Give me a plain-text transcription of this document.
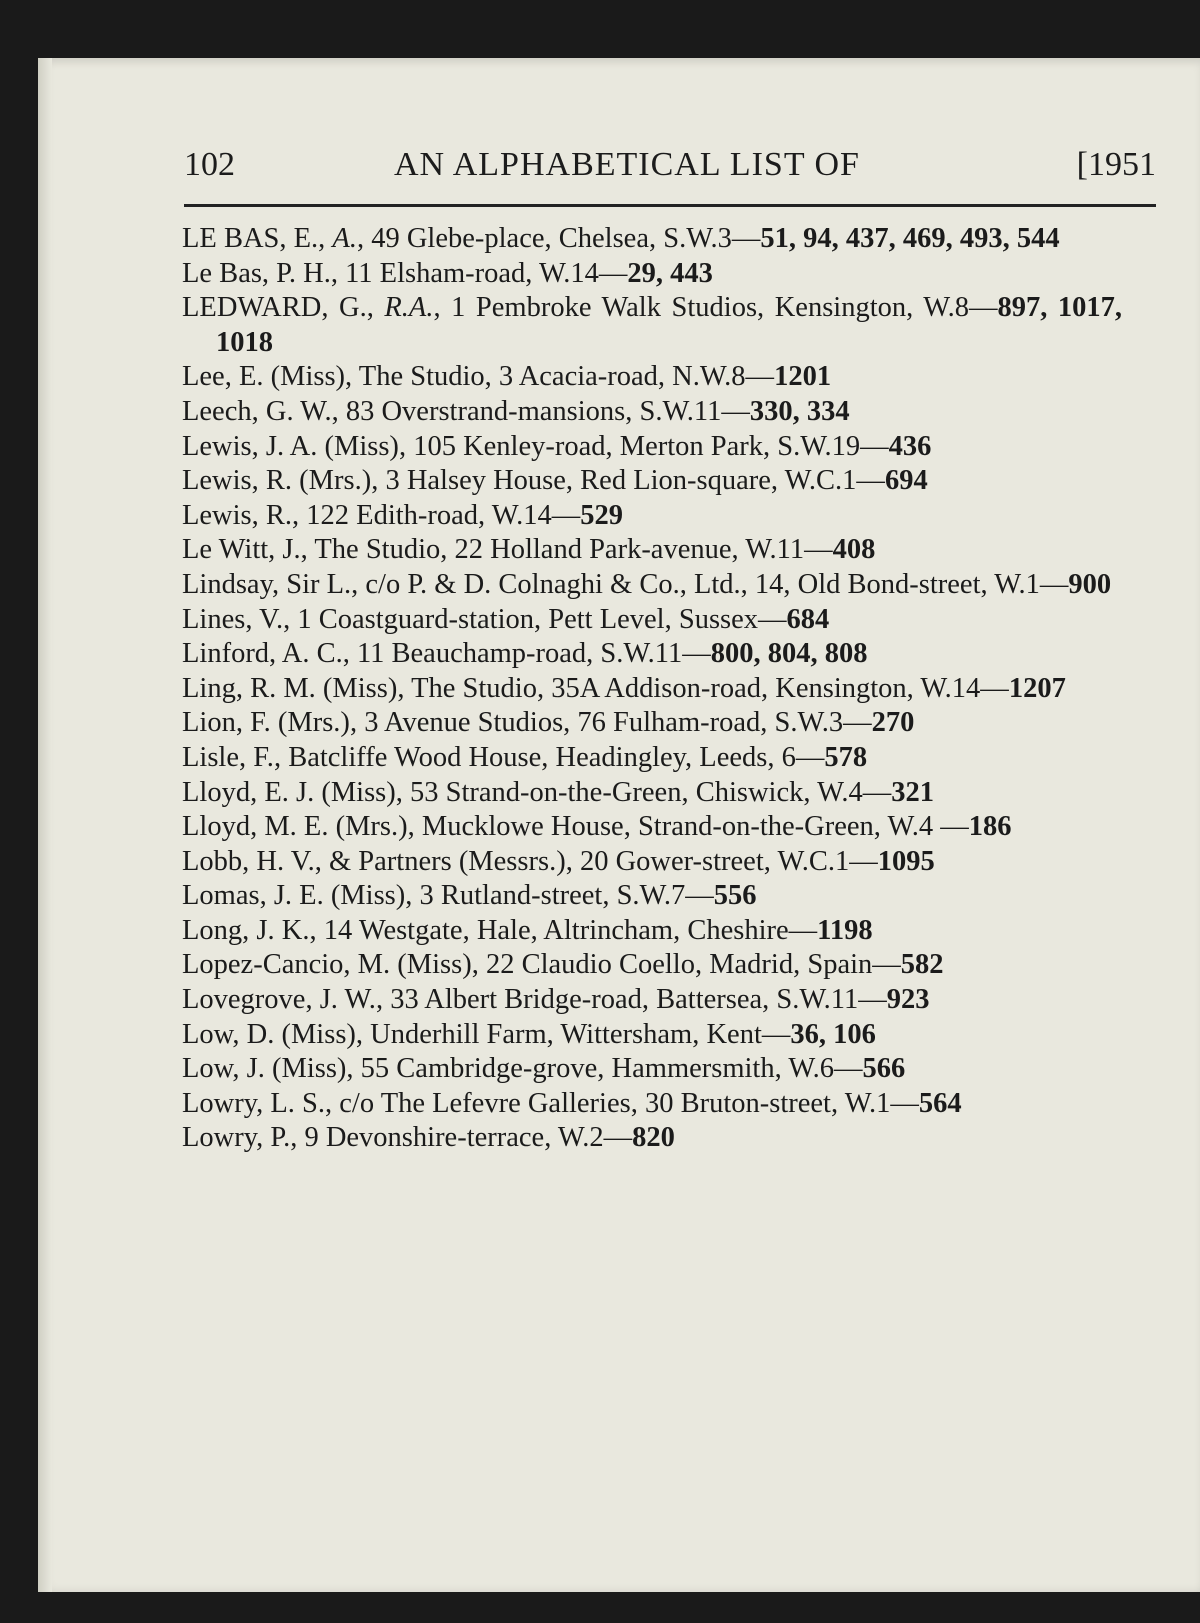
102	AN ALPHABETICAL LIST OF	[1951
LE BAS, E., A., 49 Glebe-place, Chelsea, S.W.3—51, 94, 437, 469, 493, 544
Le Bas, P. H., 11 Elsham-road, W.14—29, 443
LEDWARD, G., R.A., 1 Pembroke Walk Studios, Kensington, W.8—897, 1017, 1018
Lee, E. (Miss), The Studio, 3 Acacia-road, N.W.8—1201
Leech, G. W., 83 Overstrand-mansions, S.W.11—330, 334
Lewis, J. A. (Miss), 105 Kenley-road, Merton Park, S.W.19—436
Lewis, R. (Mrs.), 3 Halsey House, Red Lion-square, W.C.1—694
Lewis, R., 122 Edith-road, W.14—529
Le Witt, J., The Studio, 22 Holland Park-avenue, W.11—408
Lindsay, Sir L., c/o P. & D. Colnaghi & Co., Ltd., 14, Old Bond-street, W.1—900
Lines, V., 1 Coastguard-station, Pett Level, Sussex—684
Linford, A. C., 11 Beauchamp-road, S.W.11—800, 804, 808
Ling, R. M. (Miss), The Studio, 35A Addison-road, Kensington, W.14—1207
Lion, F. (Mrs.), 3 Avenue Studios, 76 Fulham-road, S.W.3—270
Lisle, F., Batcliffe Wood House, Headingley, Leeds, 6—578
Lloyd, E. J. (Miss), 53 Strand-on-the-Green, Chiswick, W.4—321
Lloyd, M. E. (Mrs.), Mucklowe House, Strand-on-the-Green, W.4 —186
Lobb, H. V., & Partners (Messrs.), 20 Gower-street, W.C.1—1095
Lomas, J. E. (Miss), 3 Rutland-street, S.W.7—556
Long, J. K., 14 Westgate, Hale, Altrincham, Cheshire—1198
Lopez-Cancio, M. (Miss), 22 Claudio Coello, Madrid, Spain—582
Lovegrove, J. W., 33 Albert Bridge-road, Battersea, S.W.11—923
Low, D. (Miss), Underhill Farm, Wittersham, Kent—36, 106
Low, J. (Miss), 55 Cambridge-grove, Hammersmith, W.6—566
Lowry, L. S., c/o The Lefevre Galleries, 30 Bruton-street, W.1—564
Lowry, P., 9 Devonshire-terrace, W.2—820
